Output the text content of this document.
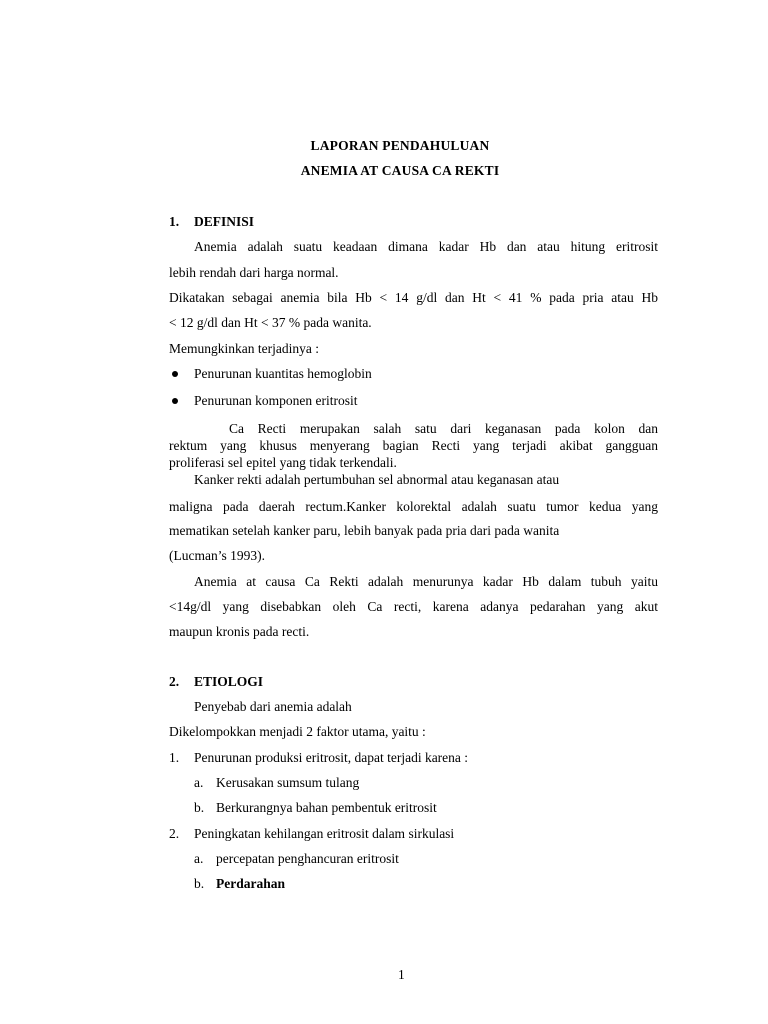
LAPORAN PENDAHULUAN
ANEMIA AT CAUSA CA REKTI
1. DEFINISI
Anemia adalah suatu keadaan dimana kadar Hb dan atau hitung eritrosit
lebih rendah dari harga normal.
Dikatakan sebagai anemia bila Hb < 14 g/dl dan Ht < 41 % pada pria atau Hb
< 12 g/dl dan Ht < 37 % pada wanita.
Memungkinkan terjadinya :
Penurunan kuantitas hemoglobin
Penurunan komponen eritrosit
Ca Recti merupakan salah satu dari keganasan pada kolon dan
rektum yang khusus menyerang bagian Recti yang terjadi akibat gangguan
proliferasi sel epitel yang tidak terkendali.
Kanker rekti adalah pertumbuhan sel abnormal atau keganasan atau
maligna pada daerah rectum.Kanker kolorektal adalah suatu tumor kedua yang
mematikan setelah kanker paru, lebih banyak pada pria dari pada wanita
(Lucman’s 1993).
Anemia at causa Ca Rekti adalah menurunya kadar Hb dalam tubuh yaitu
<14g/dl yang disebabkan oleh Ca recti, karena adanya pedarahan yang akut
maupun kronis pada recti.
2. ETIOLOGI
Penyebab dari anemia adalah
Dikelompokkan menjadi 2 faktor utama, yaitu :
1. Penurunan produksi eritrosit, dapat terjadi karena :
a. Kerusakan sumsum tulang
b. Berkurangnya bahan pembentuk eritrosit
2. Peningkatan kehilangan eritrosit dalam sirkulasi
a. percepatan penghancuran eritrosit
b. Perdarahan
1
